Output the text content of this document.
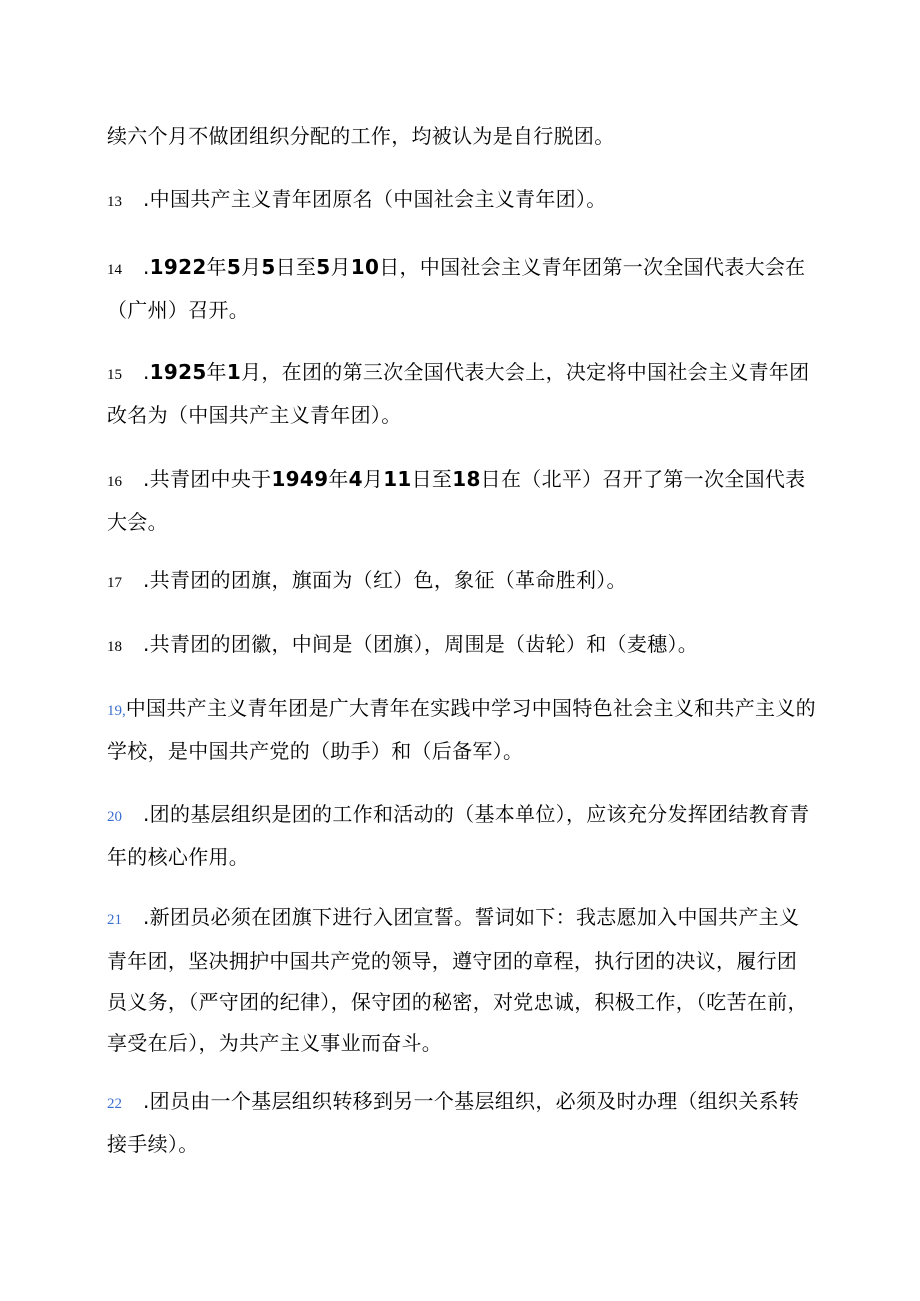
续六个月不做团组织分配的工作，均被认为是自行脱团。
13 .中国共产主义青年团原名（中国社会主义青年团）。
14 .1922年5月5日至5月10日，中国社会主义青年团第一次全国代表大会在（广州）召开。
15 .1925年1月，在团的第三次全国代表大会上，决定将中国社会主义青年团改名为（中国共产主义青年团）。
16 .共青团中央于1949年4月11日至18日在（北平）召开了第一次全国代表大会。
17 .共青团的团旗，旗面为（红）色，象征（革命胜利）。
18 .共青团的团徽，中间是（团旗），周围是（齿轮）和（麦穗）。
19,中国共产主义青年团是广大青年在实践中学习中国特色社会主义和共产主义的学校，是中国共产党的（助手）和（后备军）。
20 .团的基层组织是团的工作和活动的（基本单位），应该充分发挥团结教育青年的核心作用。
21 .新团员必须在团旗下进行入团宣誓。誓词如下：我志愿加入中国共产主义青年团，坚决拥护中国共产党的领导，遵守团的章程，执行团的决议，履行团员义务，（严守团的纪律），保守团的秘密，对党忠诚，积极工作，（吃苦在前，享受在后），为共产主义事业而奋斗。
22 .团员由一个基层组织转移到另一个基层组织，必须及时办理（组织关系转接手续）。
